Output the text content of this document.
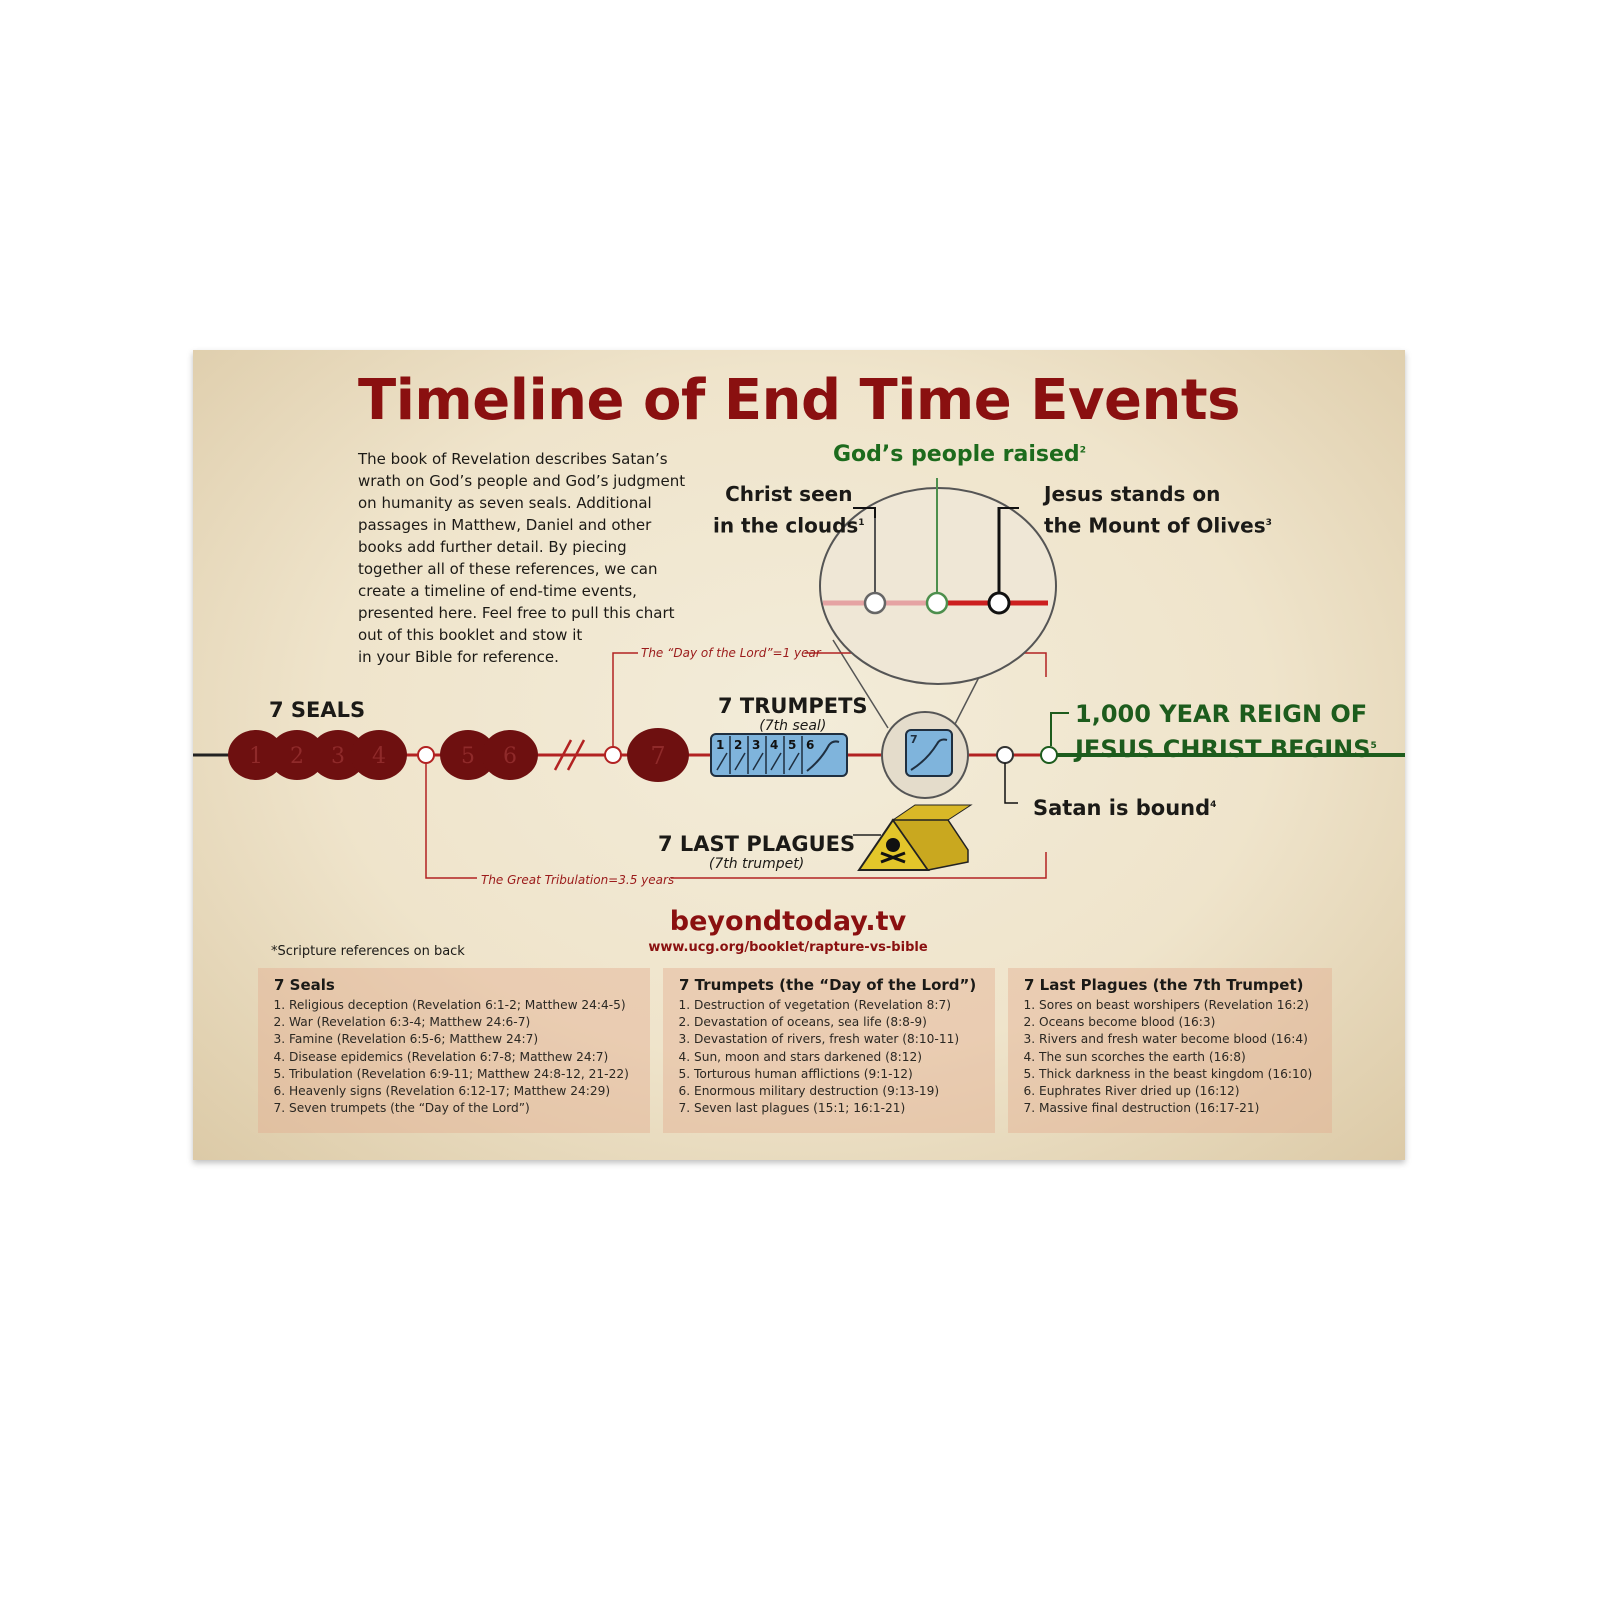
Timeline of End Time Events
The book of Revelation describes Satan’s
wrath on God’s people and God’s judgment
on humanity as seven seals. Additional
passages in Matthew, Daniel and other
books add further detail. By piecing
together all of these references, we can
create a timeline of end-time events,
presented here. Feel free to pull this chart
out of this booklet and stow it
in your Bible for reference.
1 2 3 4	5 6	7	1 2 3 4 5 6	7
God’s people raised$^2$
Christ seen
in the clouds$^1$
Jesus stands on
the Mount of Olives$^3$
The “Day of the Lord”=1 year
7 SEALS	7 TRUMPETS
(7th seal)	1,000 YEAR REIGN OF
JESUS CHRIST BEGINS$^5$
Satan is bound$^4$
7 LAST PLAGUES
(7th trumpet)
The Great Tribulation=3.5 years
beyondtoday.tv
www.ucg.org/booklet/rapture-vs-bible
*Scripture references on back
7 Seals
1. Religious deception (Revelation 6:1-2; Matthew 24:4-5)
2. War (Revelation 6:3-4; Matthew 24:6-7)
3. Famine (Revelation 6:5-6; Matthew 24:7)
4. Disease epidemics (Revelation 6:7-8; Matthew 24:7)
5. Tribulation (Revelation 6:9-11; Matthew 24:8-12, 21-22)
6. Heavenly signs (Revelation 6:12-17; Matthew 24:29)
7. Seven trumpets (the “Day of the Lord”)
7 Trumpets (the “Day of the Lord”)
1. Destruction of vegetation (Revelation 8:7)
2. Devastation of oceans, sea life (8:8-9)
3. Devastation of rivers, fresh water (8:10-11)
4. Sun, moon and stars darkened (8:12)
5. Torturous human afflictions (9:1-12)
6. Enormous military destruction (9:13-19)
7. Seven last plagues (15:1; 16:1-21)
7 Last Plagues (the 7th Trumpet)
1. Sores on beast worshipers (Revelation 16:2)
2. Oceans become blood (16:3)
3. Rivers and fresh water become blood (16:4)
4. The sun scorches the earth (16:8)
5. Thick darkness in the beast kingdom (16:10)
6. Euphrates River dried up (16:12)
7. Massive final destruction (16:17-21)
